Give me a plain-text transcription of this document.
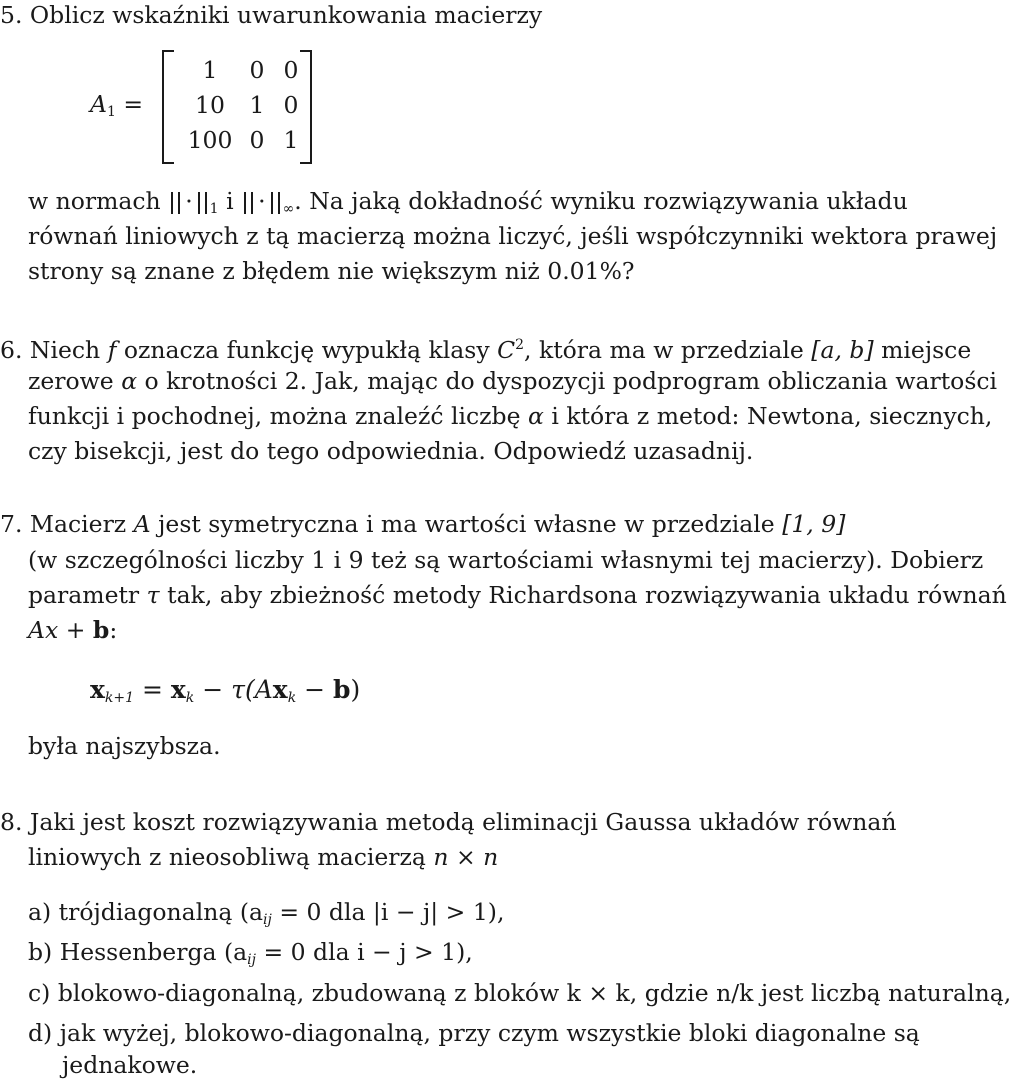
5. Oblicz wskaźniki uwarunkowania macierzy
$A_1$ =
1	0 0
10	1 0
100 0 1
w normach · $_1$ i · $_\infty$. Na jaką dokładność wyniku rozwiązywania układu
równań liniowych z tą macierzą można liczyć, jeśli współczynniki wektora prawej
strony są znane z błędem nie większym niż 0.01%?
6. Niech f oznacza funkcję wypukłą klasy $C^2$, która ma w przedziale [a, b] miejsce
zerowe α o krotności 2. Jak, mając do dyspozycji podprogram obliczania wartości
funkcji i pochodnej, można znaleźć liczbę α i która z metod: Newtona, siecznych,
czy bisekcji, jest do tego odpowiednia. Odpowiedź uzasadnij.
7. Macierz A jest symetryczna i ma wartości własne w przedziale [1, 9]
(w szczególności liczby 1 i 9 też są wartościami własnymi tej macierzy). Dobierz
parametr τ tak, aby zbieżność metody Richardsona rozwiązywania układu równań
Ax + b:
$x_{k+1} = x_k - \tau(Ax_k - b)$
była najszybsza.
8. Jaki jest koszt rozwiązywania metodą eliminacji Gaussa układów równań
liniowych z nieosobliwą macierzą n × n
a) trójdiagonalną ($a_{ij} = 0$ dla |i − j| > 1),
b) Hessenberga ($a_{ij} = 0$ dla i − j > 1),
c) blokowo-diagonalną, zbudowaną z bloków k × k, gdzie n/k jest liczbą naturalną,
d) jak wyżej, blokowo-diagonalną, przy czym wszystkie bloki diagonalne są
jednakowe.
